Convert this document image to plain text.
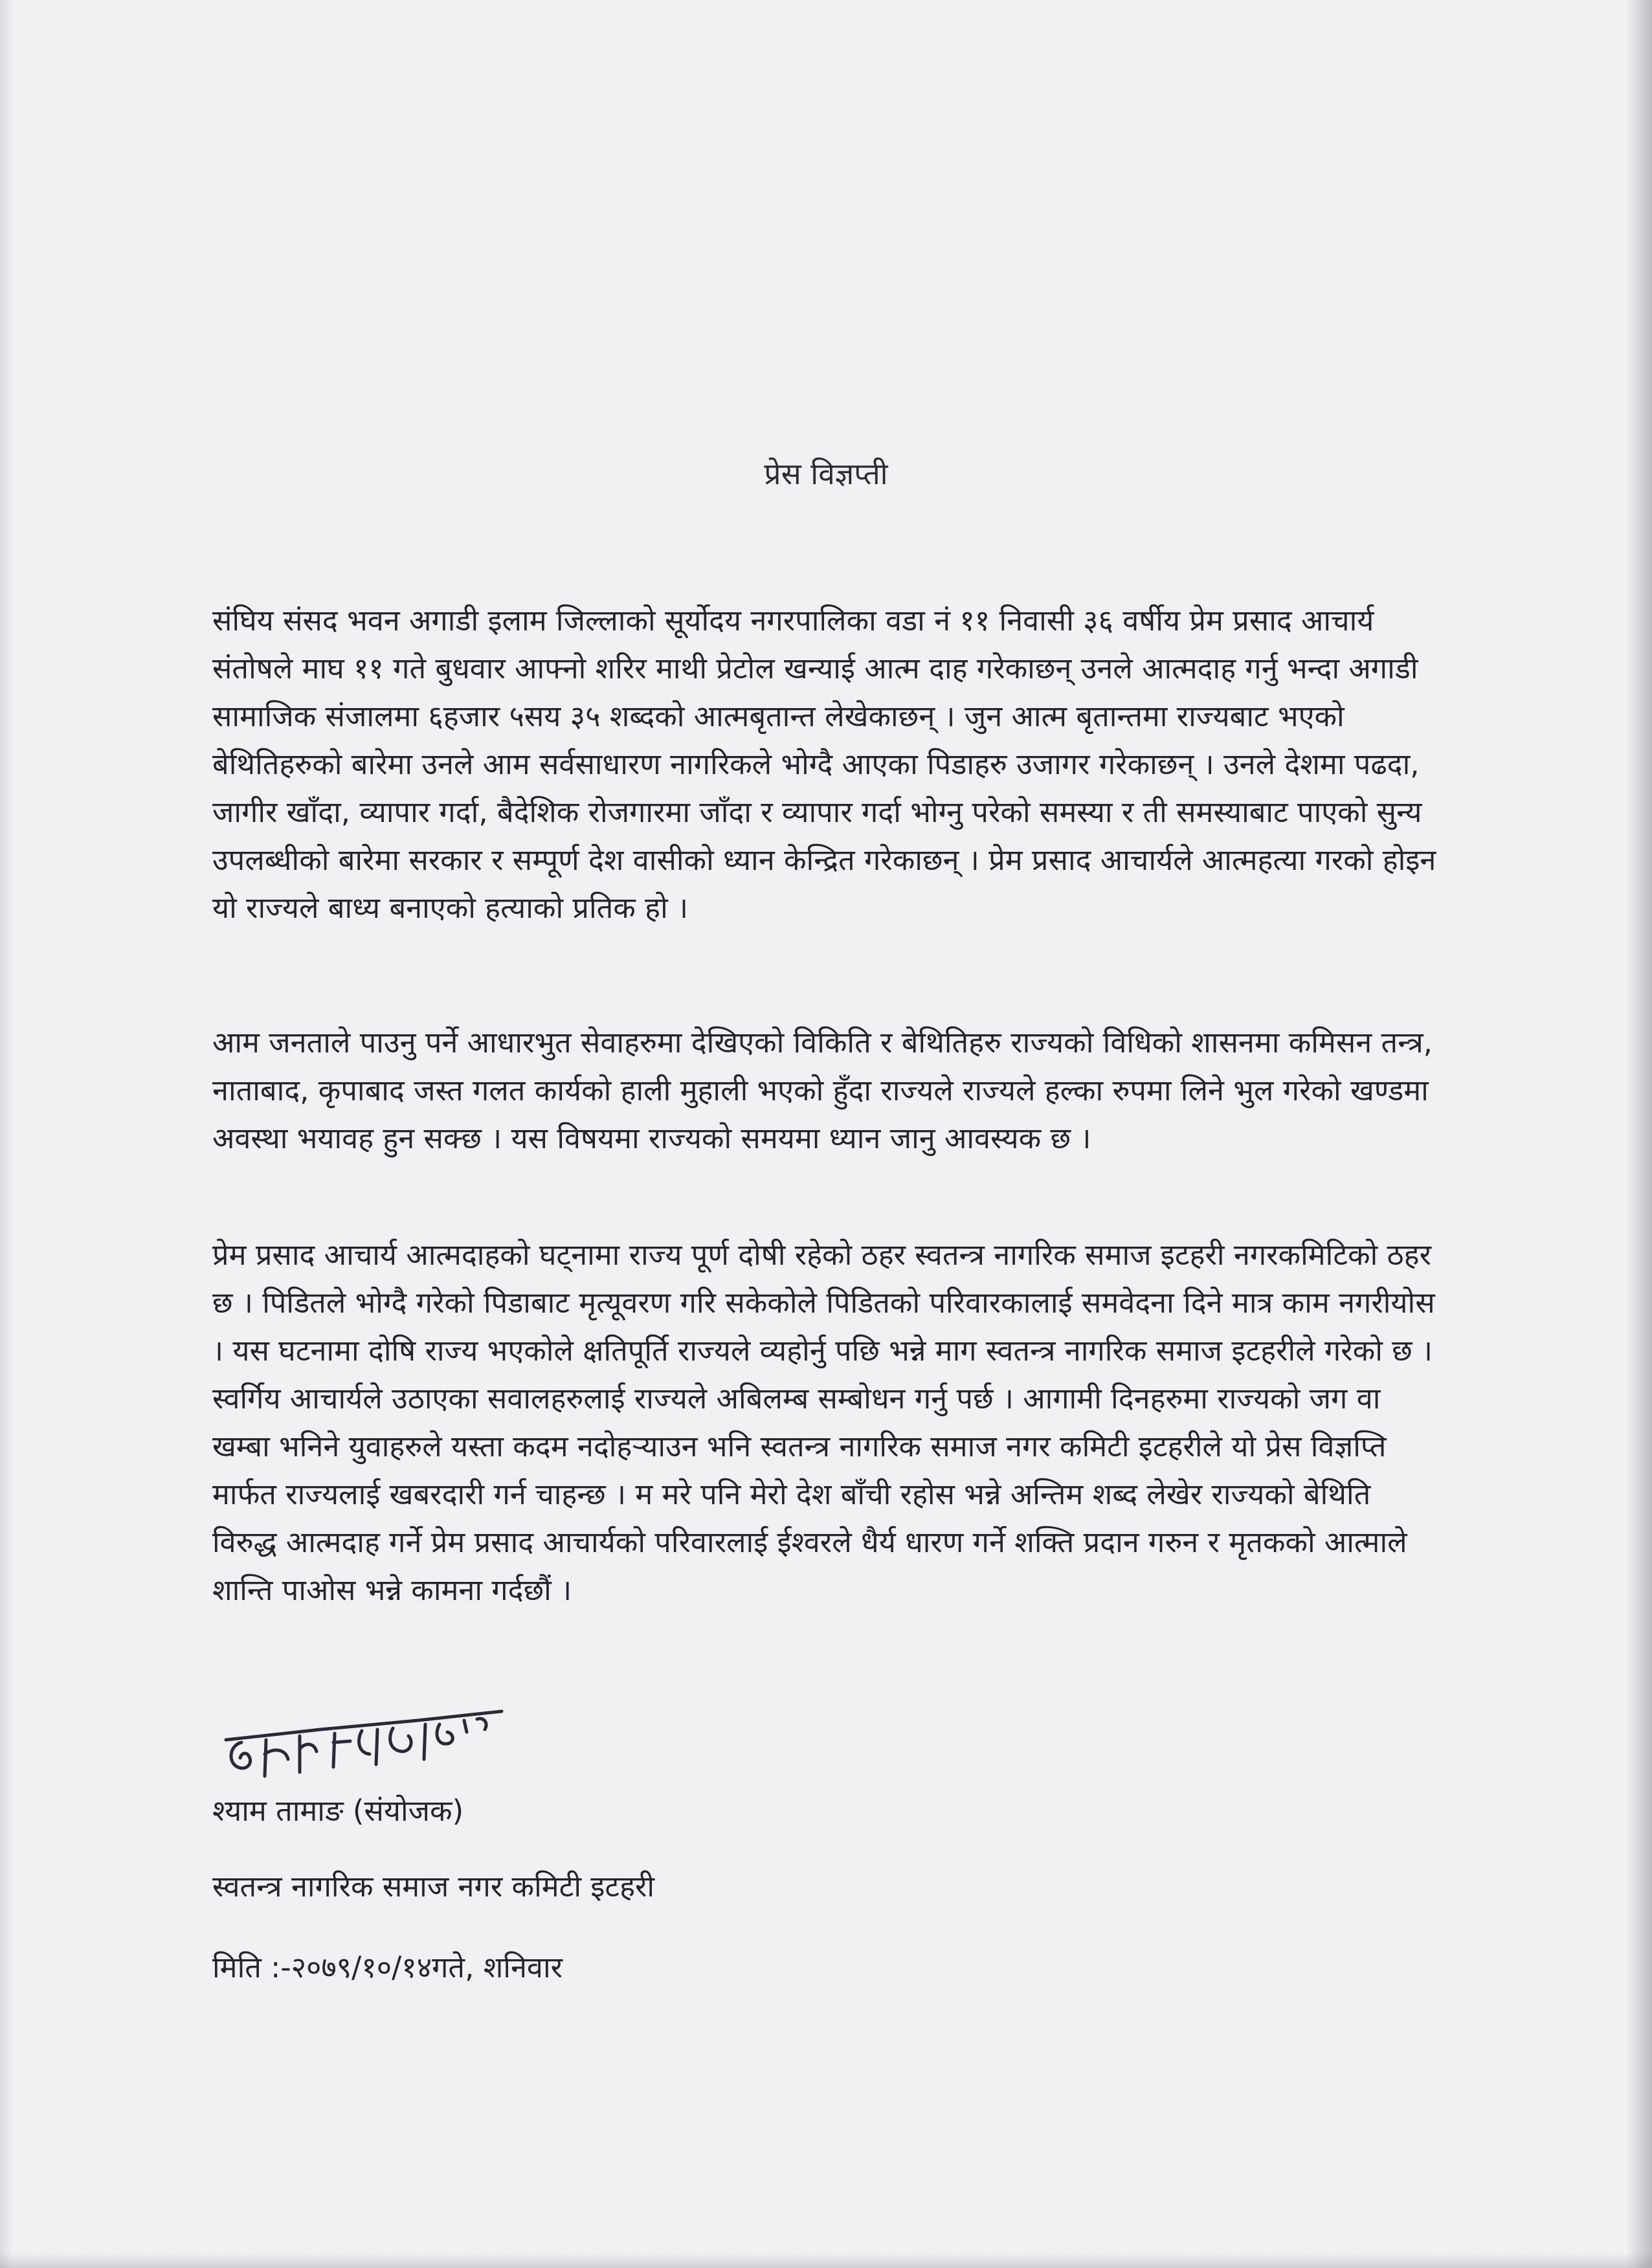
प्रेस विज्ञप्ती

संघिय संसद भवन अगाडी इलाम जिल्लाको सूर्योदय नगरपालिका वडा नं ११ निवासी ३६ वर्षीय प्रेम प्रसाद आचार्य संतोषले माघ ११ गते बुधवार आफ्नो शरिर माथी प्रेटोल खन्याई आत्म दाह गरेकाछन् उनले आत्मदाह गर्नु भन्दा अगाडी सामाजिक संजालमा ६हजार ५सय ३५ शब्दको आत्मबृतान्त लेखेकाछन् । जुन आत्म बृतान्तमा राज्यबाट भएको बेथितिहरुको बारेमा उनले आम सर्वसाधारण नागरिकले भोग्दै आएका पिडाहरु उजागर गरेकाछन् । उनले देशमा पढदा, जागीर खाँदा, व्यापार गर्दा, बैदेशिक रोजगारमा जाँदा र व्यापार गर्दा भोग्नु परेको समस्या र ती समस्याबाट पाएको सुन्य उपलब्धीको बारेमा सरकार र सम्पूर्ण देश वासीको ध्यान केन्द्रित गरेकाछन् । प्रेम प्रसाद आचार्यले आत्महत्या गरको होइन यो राज्यले बाध्य बनाएको हत्याको प्रतिक हो ।

आम जनताले पाउनु पर्ने आधारभुत सेवाहरुमा देखिएको विकिति र बेथितिहरु राज्यको विधिको शासनमा कमिसन तन्त्र, नाताबाद, कृपाबाद जस्त गलत कार्यको हाली मुहाली भएको हुँदा राज्यले राज्यले हल्का रुपमा लिने भुल गरेको खण्डमा अवस्था भयावह हुन सक्छ । यस विषयमा राज्यको समयमा ध्यान जानु आवस्यक छ ।

प्रेम प्रसाद आचार्य आत्मदाहको घट्नामा राज्य पूर्ण दोषी रहेको ठहर स्वतन्त्र नागरिक समाज इटहरी नगरकमिटिको ठहर छ । पिडितले भोग्दै गरेको पिडाबाट मृत्यूवरण गरि सकेकोले पिडितको परिवारकालाई समवेदना दिने मात्र काम नगरीयोस । यस घटनामा दोषि राज्य भएकोले क्षतिपूर्ति राज्यले व्यहोर्नु पछि भन्ने माग स्वतन्त्र नागरिक समाज इटहरीले गरेको छ । स्वर्गिय आचार्यले उठाएका सवालहरुलाई राज्यले अबिलम्ब सम्बोधन गर्नु पर्छ । आगामी दिनहरुमा राज्यको जग वा खम्बा भनिने युवाहरुले यस्ता कदम नदोहऱ्याउन भनि स्वतन्त्र नागरिक समाज नगर कमिटी इटहरीले यो प्रेस विज्ञप्ति मार्फत राज्यलाई खबरदारी गर्न चाहन्छ । म मरे पनि मेरो देश बाँची रहोस भन्ने अन्तिम शब्द लेखेर राज्यको बेथिति विरुद्ध आत्मदाह गर्ने प्रेम प्रसाद आचार्यको परिवारलाई ईश्वरले धैर्य धारण गर्ने शक्ति प्रदान गरुन र मृतकको आत्माले शान्ति पाओस भन्ने कामना गर्दछौं ।

श्याम तामाङ (संयोजक)
स्वतन्त्र नागरिक समाज नगर कमिटी इटहरी
मिति :-२०७९/१०/१४गते, शनिवार
